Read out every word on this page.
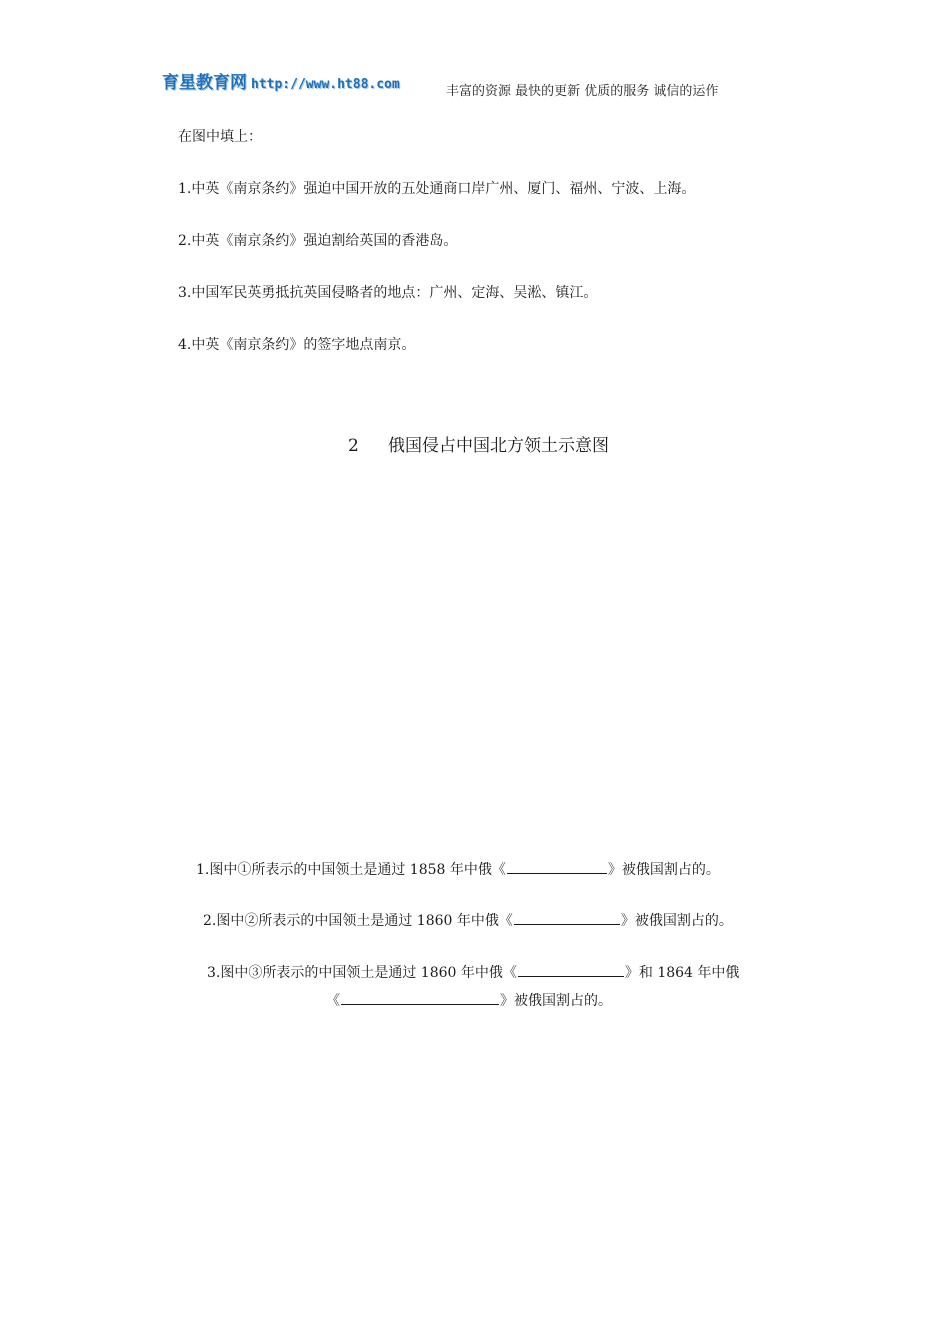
育星教育网 http://www.ht88.com	丰富的资源 最快的更新 优质的服务 诚信的运作
在图中填上：
1.中英《南京条约》强迫中国开放的五处通商口岸广州、厦门、福州、宁波、上海。
2.中英《南京条约》强迫割给英国的香港岛。
3.中国军民英勇抵抗英国侵略者的地点：广州、定海、吴淞、镇江。
4.中英《南京条约》的签字地点南京。
2 俄国侵占中国北方领土示意图
1.图中①所表示的中国领土是通过 1858 年中俄《	》被俄国割占的。
2.图中②所表示的中国领土是通过 1860 年中俄《	》被俄国割占的。
3.图中③所表示的中国领土是通过 1860 年中俄《	》和 1864 年中俄
《	》被俄国割占的。
